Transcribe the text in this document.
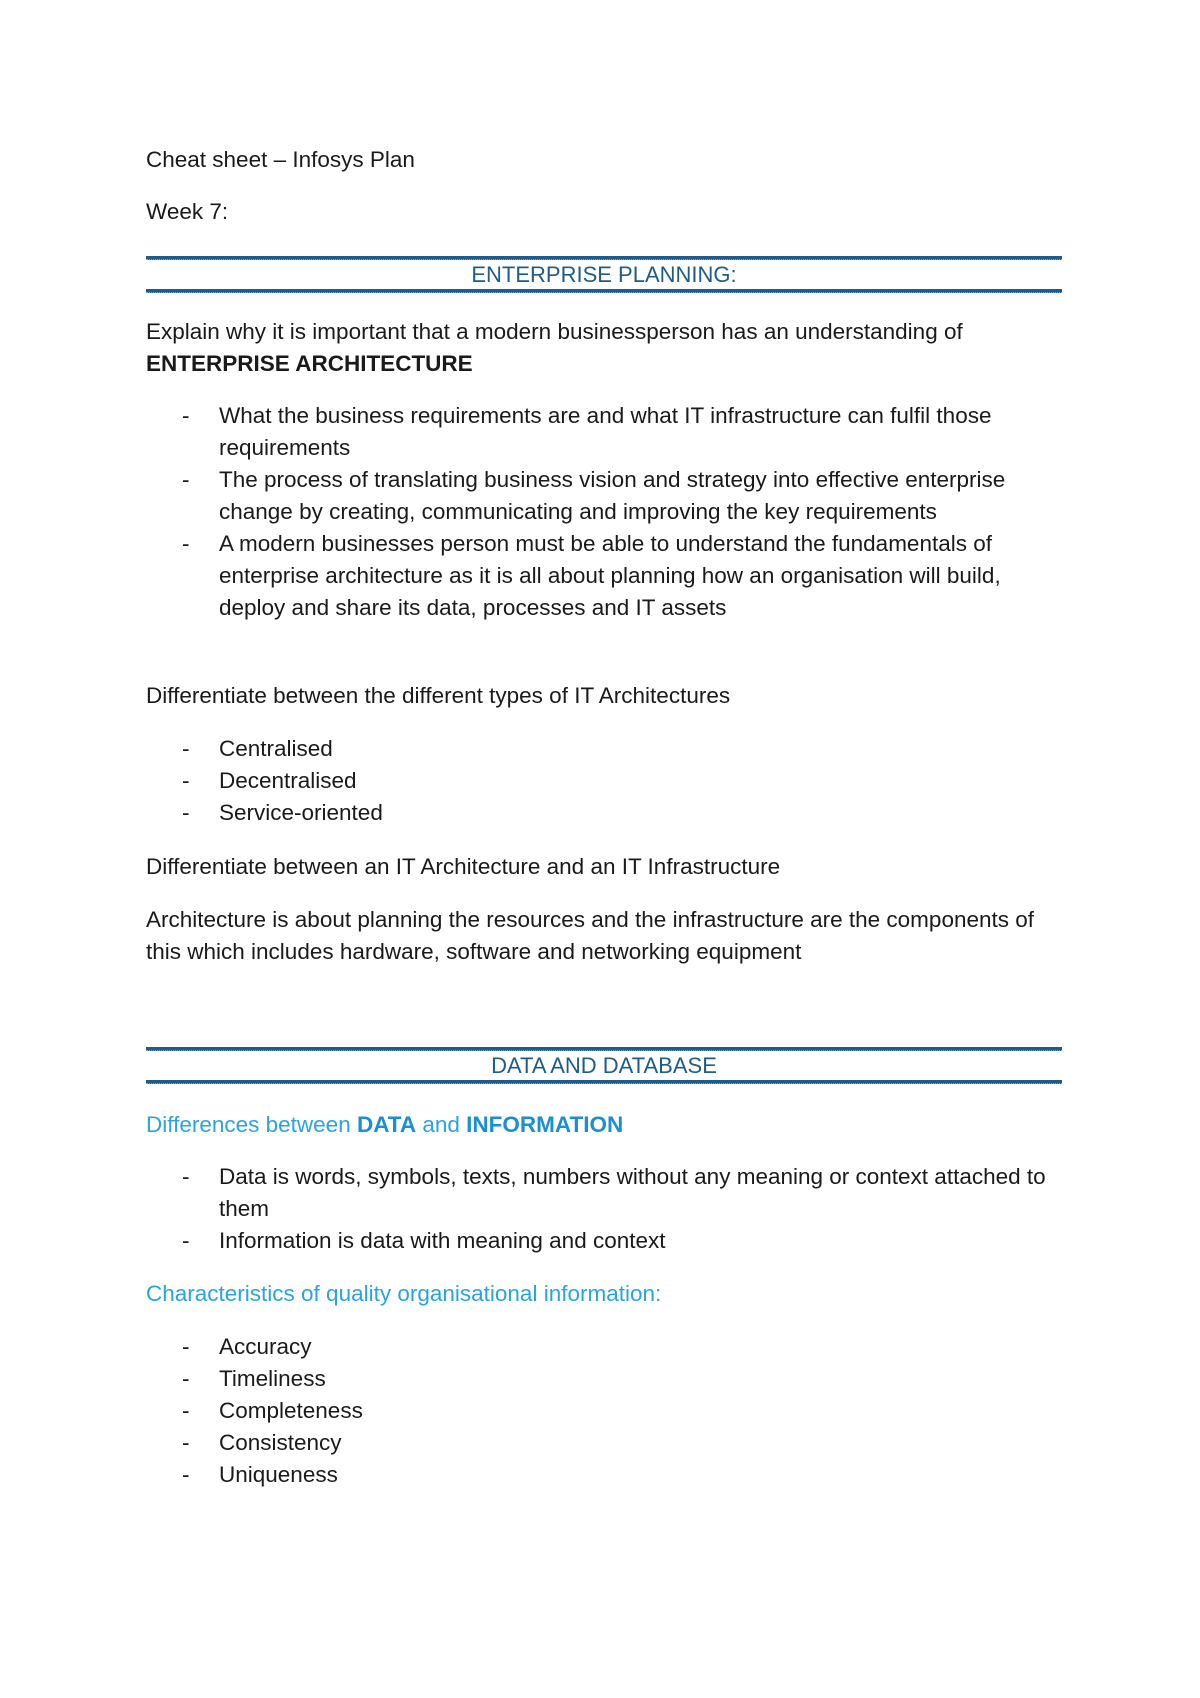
Cheat sheet – Infosys Plan
Week 7:
ENTERPRISE PLANNING:
Explain why it is important that a modern businessperson has an understanding of
ENTERPRISE ARCHITECTURE
- What the business requirements are and what IT infrastructure can fulfil those requirements
- The process of translating business vision and strategy into effective enterprise change by creating, communicating and improving the key requirements
- A modern businesses person must be able to understand the fundamentals of enterprise architecture as it is all about planning how an organisation will build, deploy and share its data, processes and IT assets
Differentiate between the different types of IT Architectures
- Centralised
- Decentralised
- Service-oriented
Differentiate between an IT Architecture and an IT Infrastructure
Architecture is about planning the resources and the infrastructure are the components of this which includes hardware, software and networking equipment
DATA AND DATABASE
Differences between DATA and INFORMATION
- Data is words, symbols, texts, numbers without any meaning or context attached to them
- Information is data with meaning and context
Characteristics of quality organisational information:
- Accuracy
- Timeliness
- Completeness
- Consistency
- Uniqueness
